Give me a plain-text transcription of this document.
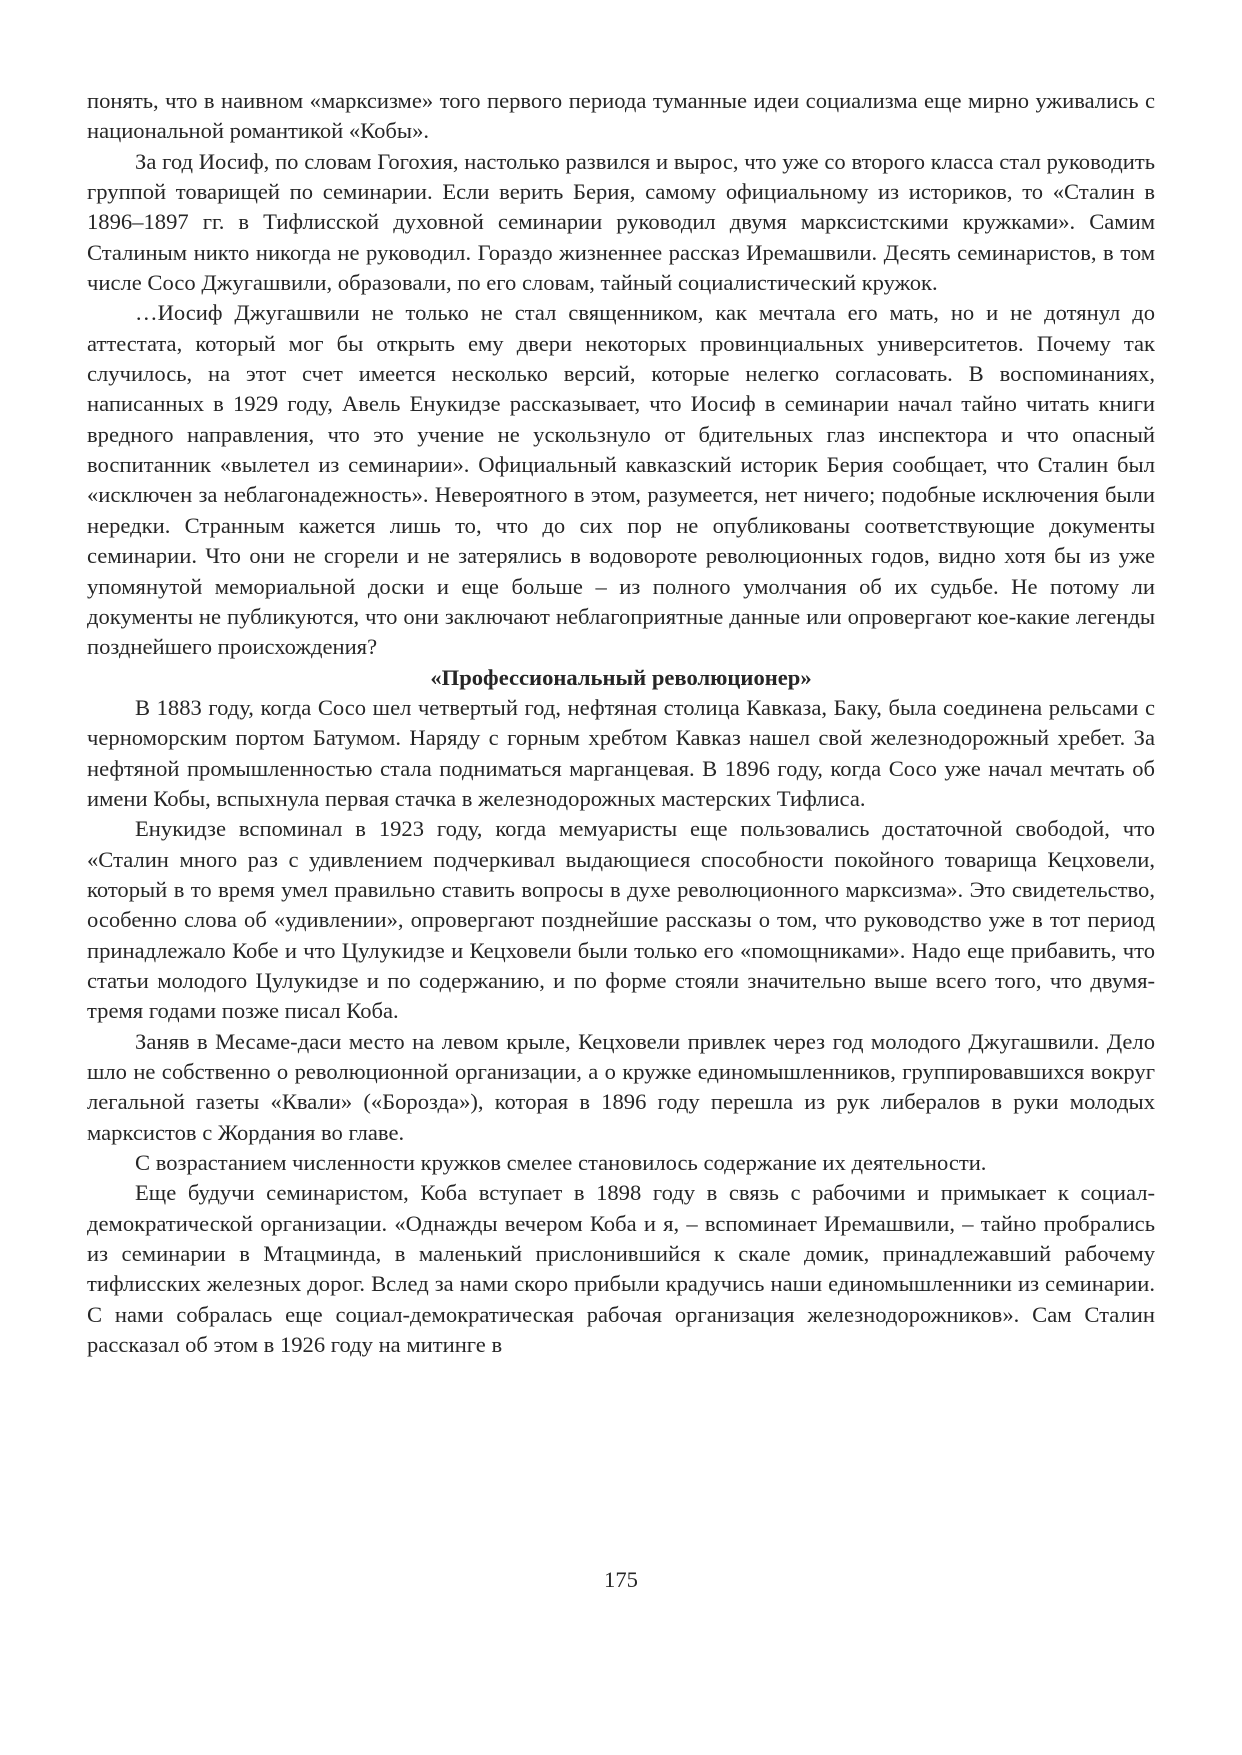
понять, что в наивном «марксизме» того первого периода туманные идеи социализма еще мирно уживались с национальной романтикой «Кобы».

За год Иосиф, по словам Гогохия, настолько развился и вырос, что уже со второго класса стал руководить группой товарищей по семинарии. Если верить Берия, самому официальному из историков, то «Сталин в 1896–1897 гг. в Тифлисской духовной семинарии руководил двумя марксистскими кружками». Самим Сталиным никто никогда не руководил. Гораздо жизненнее рассказ Иремашвили. Десять семинаристов, в том числе Сосо Джугашвили, образовали, по его словам, тайный социалистический кружок.

…Иосиф Джугашвили не только не стал священником, как мечтала его мать, но и не дотянул до аттестата, который мог бы открыть ему двери некоторых провинциальных университетов. Почему так случилось, на этот счет имеется несколько версий, которые нелегко согласовать. В воспоминаниях, написанных в 1929 году, Авель Енукидзе рассказывает, что Иосиф в семинарии начал тайно читать книги вредного направления, что это учение не ускользнуло от бдительных глаз инспектора и что опасный воспитанник «вылетел из семинарии». Официальный кавказский историк Берия сообщает, что Сталин был «исключен за неблагонадежность». Невероятного в этом, разумеется, нет ничего; подобные исключения были нередки. Странным кажется лишь то, что до сих пор не опубликованы соответствующие документы семинарии. Что они не сгорели и не затерялись в водовороте революционных годов, видно хотя бы из уже упомянутой мемориальной доски и еще больше – из полного умолчания об их судьбе. Не потому ли документы не публикуются, что они заключают неблагоприятные данные или опровергают кое-какие легенды позднейшего происхождения?

«Профессиональный революционер»

В 1883 году, когда Сосо шел четвертый год, нефтяная столица Кавказа, Баку, была соединена рельсами с черноморским портом Батумом. Наряду с горным хребтом Кавказ нашел свой железнодорожный хребет. За нефтяной промышленностью стала подниматься марганцевая. В 1896 году, когда Сосо уже начал мечтать об имени Кобы, вспыхнула первая стачка в железнодорожных мастерских Тифлиса.

Енукидзе вспоминал в 1923 году, когда мемуаристы еще пользовались достаточной свободой, что «Сталин много раз с удивлением подчеркивал выдающиеся способности покойного товарища Кецховели, который в то время умел правильно ставить вопросы в духе революционного марксизма». Это свидетельство, особенно слова об «удивлении», опровергают позднейшие рассказы о том, что руководство уже в тот период принадлежало Кобе и что Цулукидзе и Кецховели были только его «помощниками». Надо еще прибавить, что статьи молодого Цулукидзе и по содержанию, и по форме стояли значительно выше всего того, что двумя-тремя годами позже писал Коба.

Заняв в Месаме-даси место на левом крыле, Кецховели привлек через год молодого Джугашвили. Дело шло не собственно о революционной организации, а о кружке единомышленников, группировавшихся вокруг легальной газеты «Квали» («Борозда»), которая в 1896 году перешла из рук либералов в руки молодых марксистов с Жордания во главе.

С возрастанием численности кружков смелее становилось содержание их деятельности.

Еще будучи семинаристом, Коба вступает в 1898 году в связь с рабочими и примыкает к социал-демократической организации. «Однажды вечером Коба и я, – вспоминает Иремашвили, – тайно пробрались из семинарии в Мтацминда, в маленький прислонившийся к скале домик, принадлежавший рабочему тифлисских железных дорог. Вслед за нами скоро прибыли крадучись наши единомышленники из семинарии. С нами собралась еще социал-демократическая рабочая организация железнодорожников». Сам Сталин рассказал об этом в 1926 году на митинге в

175
